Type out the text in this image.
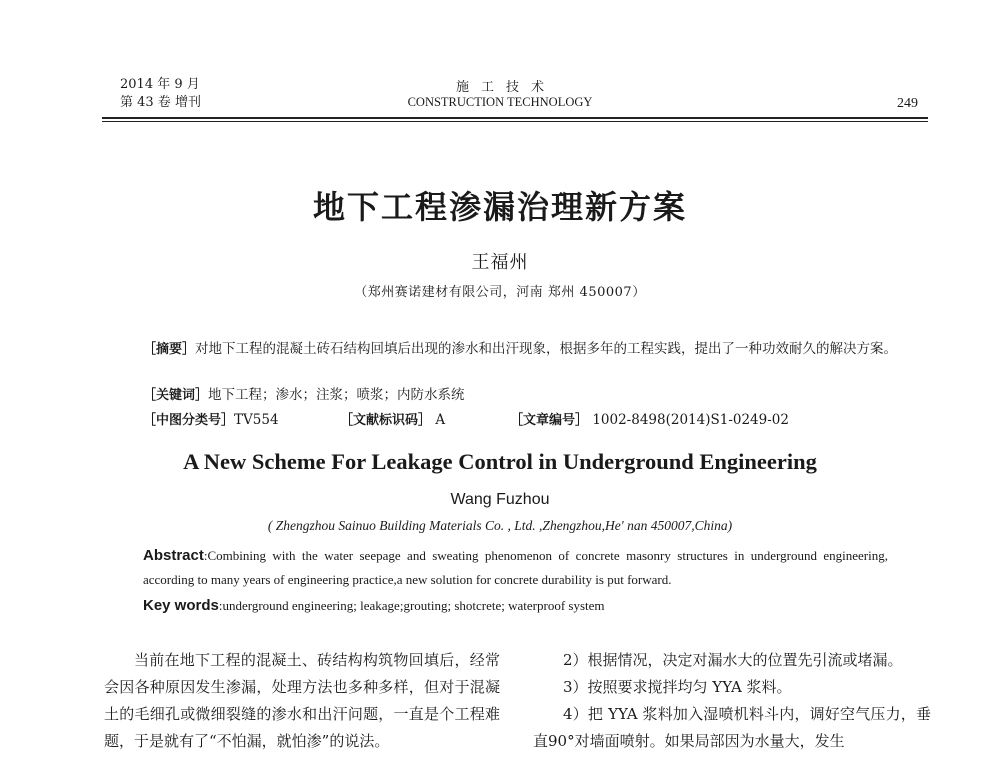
2014 年 9 月
第 43 卷 增刊
施工技术
CONSTRUCTION TECHNOLOGY	249
地下工程渗漏治理新方案
王福州
（郑州赛诺建材有限公司，河南 郑州 450007）
［摘要］对地下工程的混凝土砖石结构回填后出现的渗水和出汗现象，根据多年的工程实践，提出了一种功效耐久的解决方案。
［关键词］地下工程；渗水；注浆；喷浆；内防水系统
［中图分类号］TV554	［文献标识码］ A	［文章编号］ 1002-8498(2014)S1-0249-02
A New Scheme For Leakage Control in Underground Engineering
Wang Fuzhou
( Zhengzhou Sainuo Building Materials Co. , Ltd. ,Zhengzhou,He' nan 450007,China)
Abstract:Combining with the water seepage and sweating phenomenon of concrete masonry structures in underground engineering, according to many years of engineering practice,a new solution for concrete durability is put forward.
Key words:underground engineering; leakage;grouting; shotcrete; waterproof system
当前在地下工程的混凝土、砖结构构筑物回填后，经常会因各种原因发生渗漏，处理方法也多种多样，但对于混凝土的毛细孔或微细裂缝的渗水和出汗问题，一直是个工程难题，于是就有了“不怕漏，就怕渗”的说法。

2）根据情况，决定对漏水大的位置先引流或堵漏。

3）按照要求搅拌均匀 YYA 浆料。

4）把 YYA 浆料加入湿喷机料斗内，调好空气压力，垂直90°对墙面喷射。如果局部因为水量大，发生
